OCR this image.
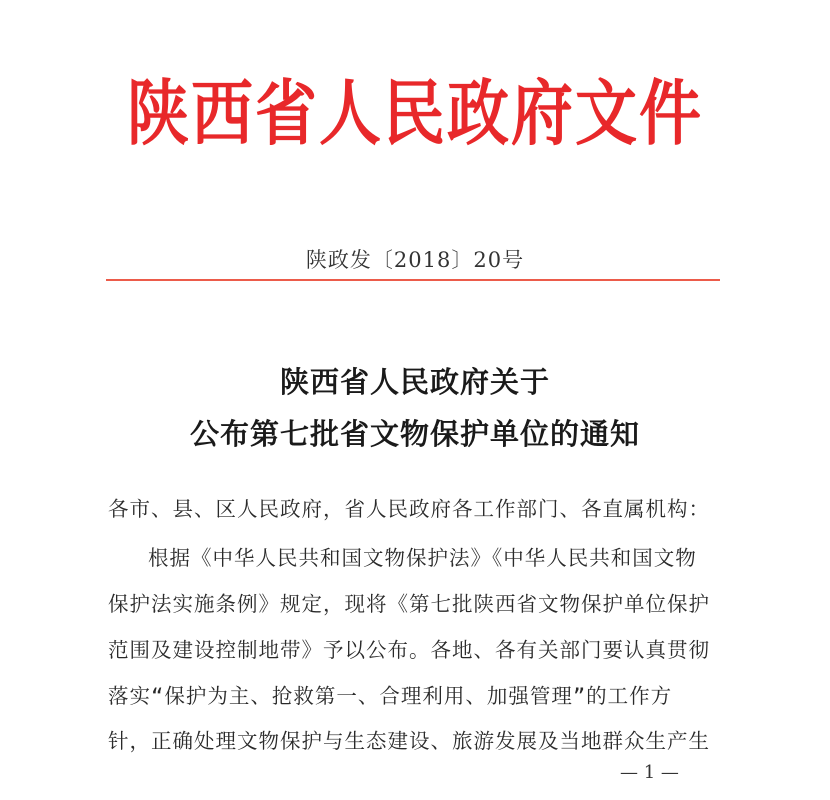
陕西省人民政府文件
陕政发〔2018〕20号
陕西省人民政府关于
公布第七批省文物保护单位的通知
各市、县、区人民政府，省人民政府各工作部门、各直属机构：
根据《中华人民共和国文物保护法》《中华人民共和国文物
保护法实施条例》规定，现将《第七批陕西省文物保护单位保护
范围及建设控制地带》予以公布。各地、各有关部门要认真贯彻
落实“保护为主、抢救第一、合理利用、加强管理”的工作方
针，正确处理文物保护与生态建设、旅游发展及当地群众生产生
— 1 —
